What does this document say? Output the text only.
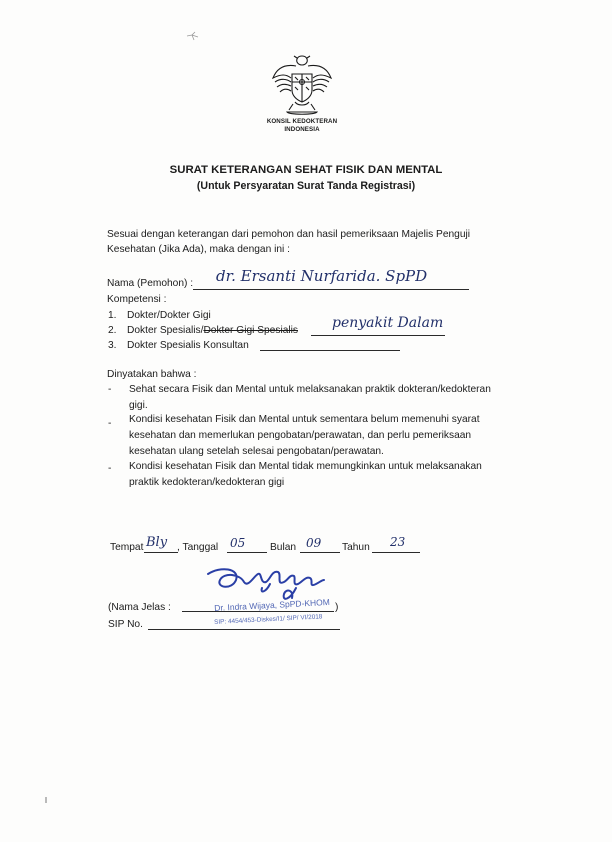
KONSIL KEDOKTERAN
INDONESIA
SURAT KETERANGAN SEHAT FISIK DAN MENTAL
(Untuk Persyaratan Surat Tanda Registrasi)
Sesuai dengan keterangan dari pemohon dan hasil pemeriksaan Majelis Penguji
Kesehatan (Jika Ada), maka dengan ini :
Nama (Pemohon) : dr. Ersanti Nurfarida. SpPD
Kompetensi :
1. Dokter/Dokter Gigi
2. Dokter Spesialis/Dokter Gigi Spesialis penyakit Dalam
3. Dokter Spesialis Konsultan
Dinyatakan bahwa :
- Sehat secara Fisik dan Mental untuk melaksanakan praktik dokteran/kedokteran
gigi.
- Kondisi kesehatan Fisik dan Mental untuk sementara belum memenuhi syarat
kesehatan dan memerlukan pengobatan/perawatan, dan perlu pemeriksaan
kesehatan ulang setelah selesai pengobatan/perawatan.
- Kondisi kesehatan Fisik dan Mental tidak memungkinkan untuk melaksanakan
praktik kedokteran/kedokteran gigi
Tempat Bly , Tanggal 05 Bulan 09 Tahun 23
(Nama Jelas :	)
Dr. Indra Wijaya, SpPD-KHOM
SIP No.	SIP: 4454/453-Diskes/I1/ SIP/ VI/2018
